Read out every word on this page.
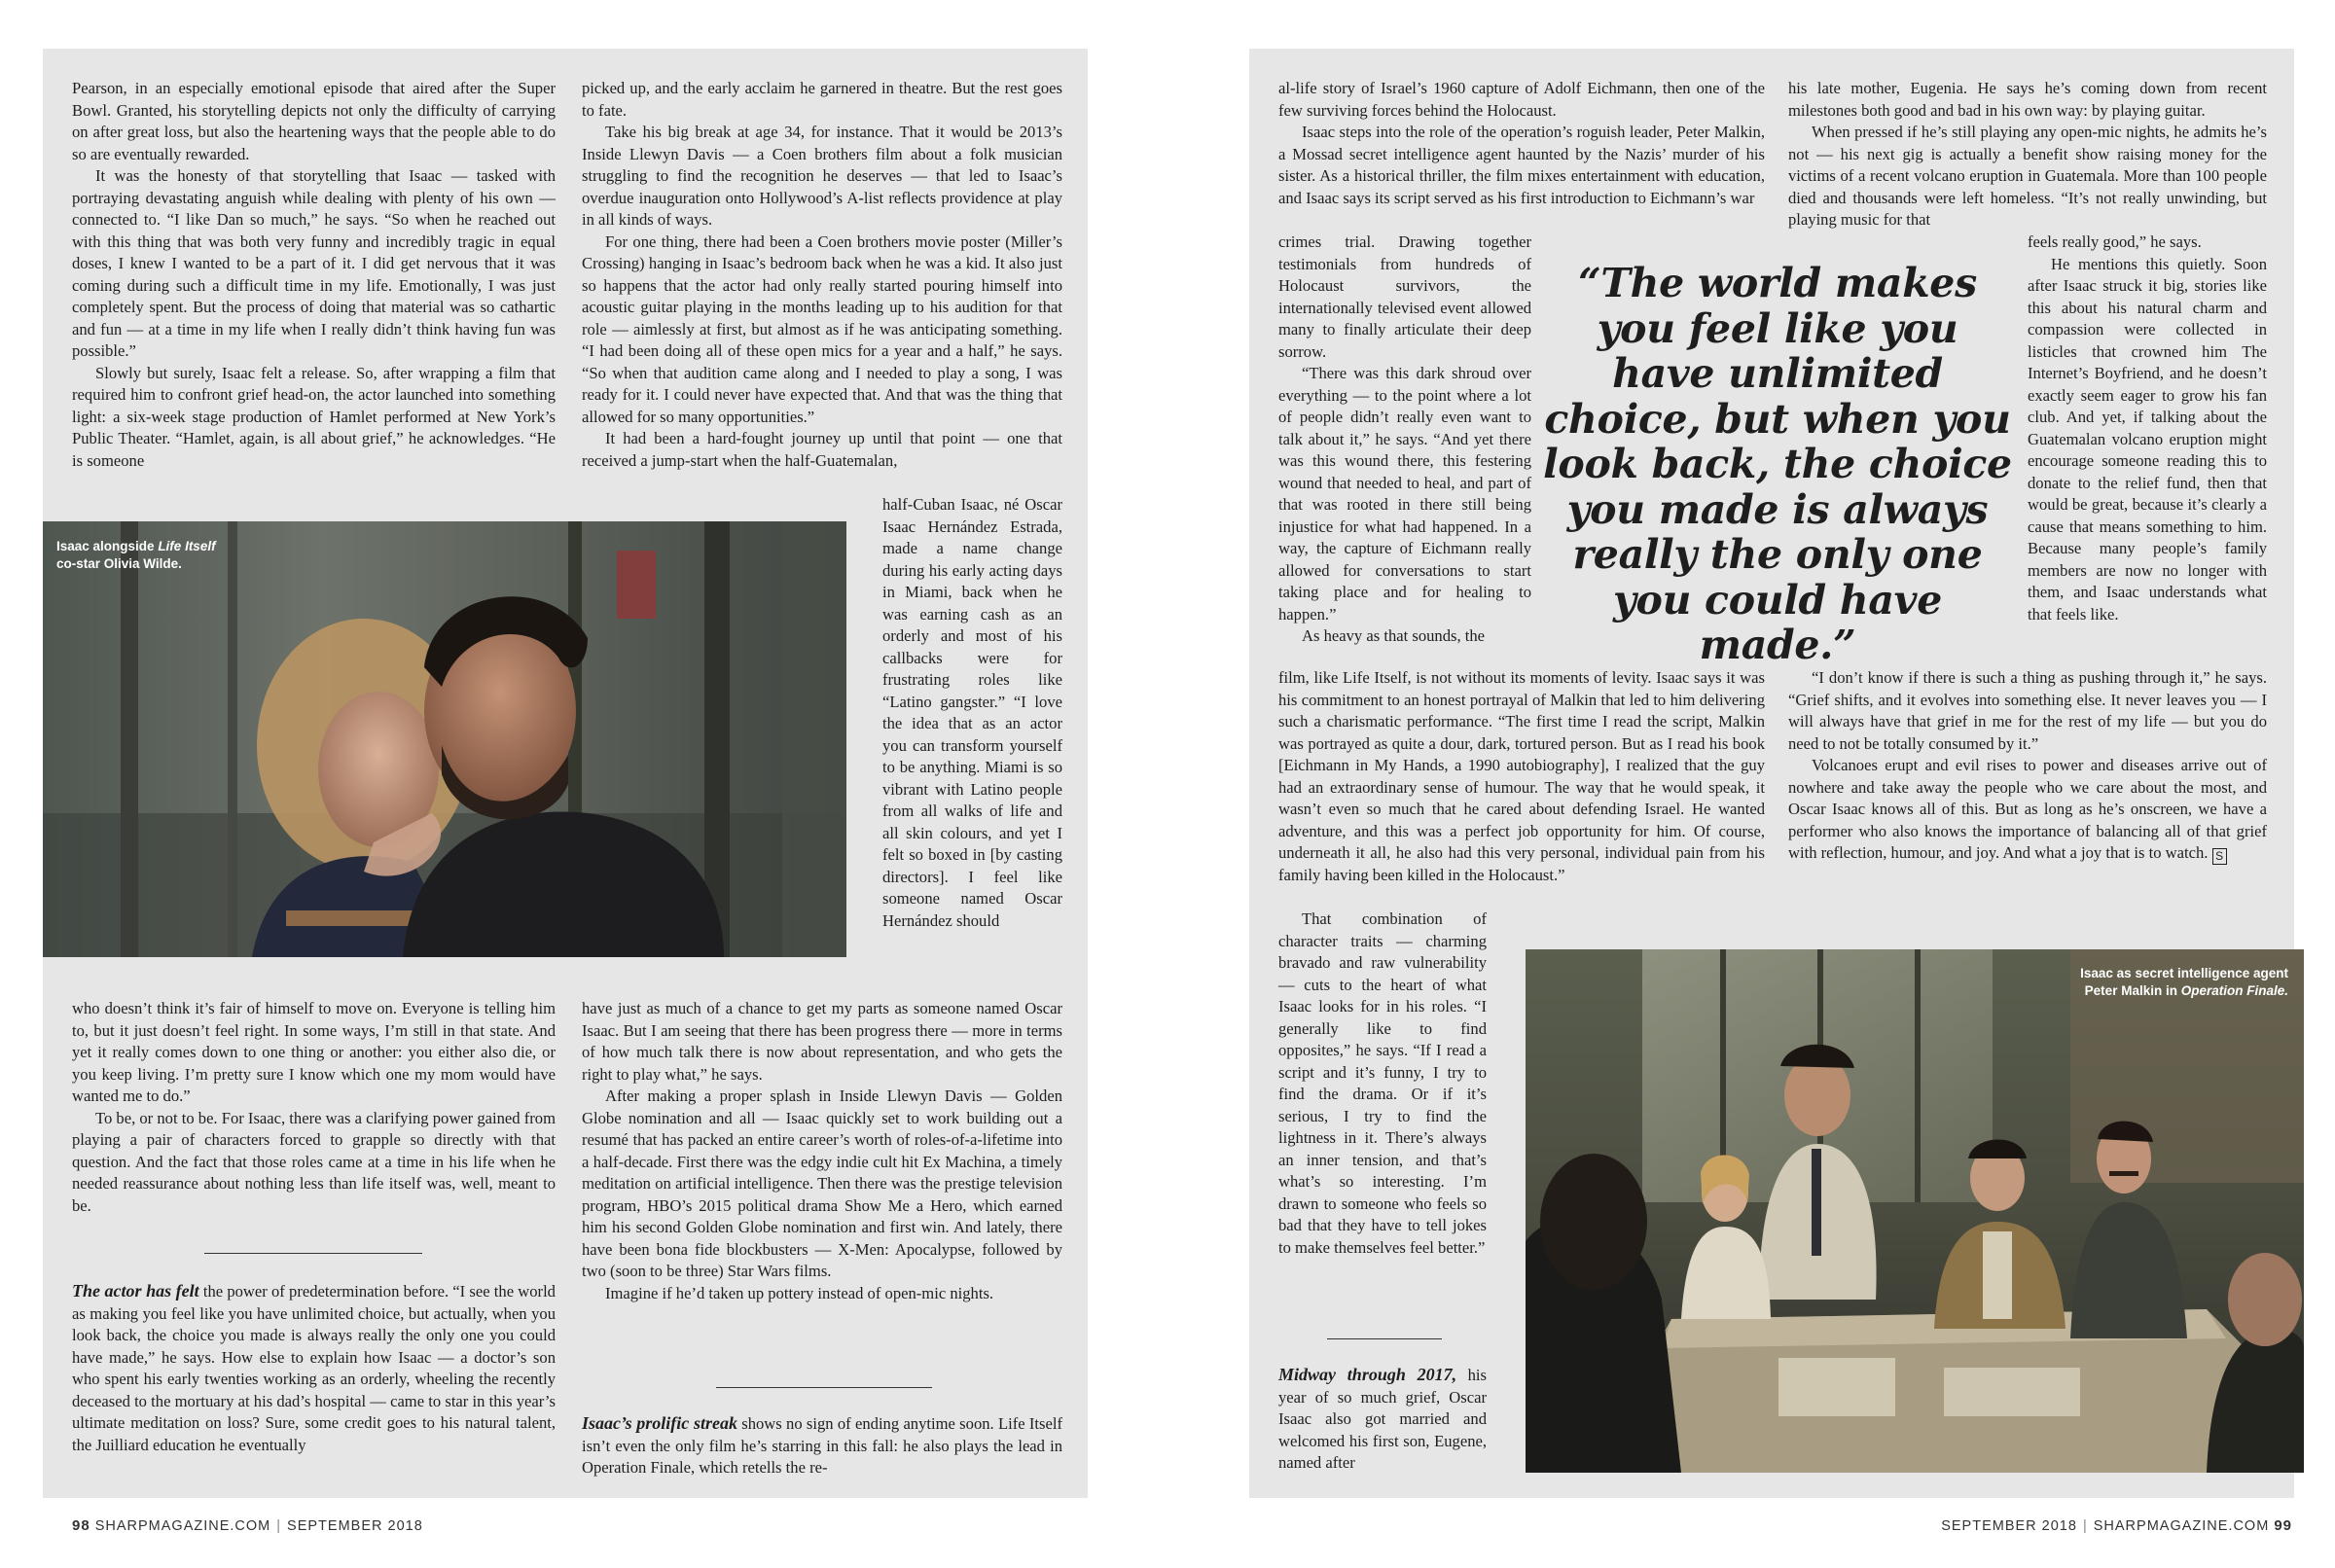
Pearson, in an especially emotional episode that aired after the Super Bowl. Granted, his storytelling depicts not only the difficulty of carrying on after great loss, but also the heartening ways that the people able to do so are eventually rewarded.

It was the honesty of that storytelling that Isaac — tasked with portraying devastating anguish while dealing with plenty of his own — connected to. “I like Dan so much,” he says. “So when he reached out with this thing that was both very funny and incredibly tragic in equal doses, I knew I wanted to be a part of it. I did get nervous that it was coming during such a difficult time in my life. Emotionally, I was just completely spent. But the process of doing that material was so cathartic and fun — at a time in my life when I really didn’t think having fun was possible.”

Slowly but surely, Isaac felt a release. So, after wrapping a film that required him to confront grief head-on, the actor launched into something light: a six-week stage production of Hamlet performed at New York’s Public Theater. “Hamlet, again, is all about grief,” he acknowledges. “He is someone

picked up, and the early acclaim he garnered in theatre. But the rest goes to fate.

Take his big break at age 34, for instance. That it would be 2013’s Inside Llewyn Davis — a Coen brothers film about a folk musician struggling to find the recognition he deserves — that led to Isaac’s overdue inauguration onto Hollywood’s A-list reflects providence at play in all kinds of ways.

For one thing, there had been a Coen brothers movie poster (Miller’s Crossing) hanging in Isaac’s bedroom back when he was a kid. It also just so happens that the actor had only really started pouring himself into acoustic guitar playing in the months leading up to his audition for that role — aimlessly at first, but almost as if he was anticipating something. “I had been doing all of these open mics for a year and a half,” he says. “So when that audition came along and I needed to play a song, I was ready for it. I could never have expected that. And that was the thing that allowed for so many opportunities.”

It had been a hard-fought journey up until that point — one that received a jump-start when the half-Guatemalan,

Isaac alongside Life Itself
co-star Olivia Wilde.

half-Cuban Isaac, né Oscar Isaac Hernández Estrada, made a name change during his early acting days in Miami, back when he was earning cash as an orderly and most of his callbacks were for frustrating roles like “Latino gangster.” “I love the idea that as an actor you can transform yourself to be anything. Miami is so vibrant with Latino people from all walks of life and all skin colours, and yet I felt so boxed in [by casting directors]. I feel like someone named Oscar Hernández should

who doesn’t think it’s fair of himself to move on. Everyone is telling him to, but it just doesn’t feel right. In some ways, I’m still in that state. And yet it really comes down to one thing or another: you either also die, or you keep living. I’m pretty sure I know which one my mom would have wanted me to do.”

To be, or not to be. For Isaac, there was a clarifying power gained from playing a pair of characters forced to grapple so directly with that question. And the fact that those roles came at a time in his life when he needed reassurance about nothing less than life itself was, well, meant to be.

The actor has felt the power of predetermination before. “I see the world as making you feel like you have unlimited choice, but actually, when you look back, the choice you made is always really the only one you could have made,” he says. How else to explain how Isaac — a doctor’s son who spent his early twenties working as an orderly, wheeling the recently deceased to the mortuary at his dad’s hospital — came to star in this year’s ultimate meditation on loss? Sure, some credit goes to his natural talent, the Juilliard education he eventually

have just as much of a chance to get my parts as someone named Oscar Isaac. But I am seeing that there has been progress there — more in terms of how much talk there is now about representation, and who gets the right to play what,” he says.

After making a proper splash in Inside Llewyn Davis — Golden Globe nomination and all — Isaac quickly set to work building out a resumé that has packed an entire career’s worth of roles-of-a-lifetime into a half-decade. First there was the edgy indie cult hit Ex Machina, a timely meditation on artificial intelligence. Then there was the prestige television program, HBO’s 2015 political drama Show Me a Hero, which earned him his second Golden Globe nomination and first win. And lately, there have been bona fide blockbusters — X-Men: Apocalypse, followed by two (soon to be three) Star Wars films.

Imagine if he’d taken up pottery instead of open-mic nights.

Isaac’s prolific streak shows no sign of ending anytime soon. Life Itself isn’t even the only film he’s starring in this fall: he also plays the lead in Operation Finale, which retells the re-

98 SHARPMAGAZINE.COM | SEPTEMBER 2018

al-life story of Israel’s 1960 capture of Adolf Eichmann, then one of the few surviving forces behind the Holocaust.

Isaac steps into the role of the operation’s roguish leader, Peter Malkin, a Mossad secret intelligence agent haunted by the Nazis’ murder of his sister. As a historical thriller, the film mixes entertainment with education, and Isaac says its script served as his first introduction to Eichmann’s war

crimes trial. Drawing together testimonials from hundreds of Holocaust survivors, the internationally televised event allowed many to finally articulate their deep sorrow.

“There was this dark shroud over everything — to the point where a lot of people didn’t really even want to talk about it,” he says. “And yet there was this wound there, this festering wound that needed to heal, and part of that was rooted in there still being injustice for what had happened. In a way, the capture of Eichmann really allowed for conversations to start taking place and for healing to happen.”

As heavy as that sounds, the

“The world makes you feel like you have unlimited choice, but when you look back, the choice you made is always really the only one you could have made.”

film, like Life Itself, is not without its moments of levity. Isaac says it was his commitment to an honest portrayal of Malkin that led to him delivering such a charismatic performance. “The first time I read the script, Malkin was portrayed as quite a dour, dark, tortured person. But as I read his book [Eichmann in My Hands, a 1990 autobiography], I realized that the guy had an extraordinary sense of humour. The way that he would speak, it wasn’t even so much that he cared about defending Israel. He wanted adventure, and this was a perfect job opportunity for him. Of course, underneath it all, he also had this very personal, individual pain from his family having been killed in the Holocaust.”

That combination of character traits — charming bravado and raw vulnerability — cuts to the heart of what Isaac looks for in his roles. “I generally like to find opposites,” he says. “If I read a script and it’s funny, I try to find the drama. Or if it’s serious, I try to find the lightness in it. There’s always an inner tension, and that’s what’s so interesting. I’m drawn to someone who feels so bad that they have to tell jokes to make themselves feel better.”

Midway through 2017, his year of so much grief, Oscar Isaac also got married and welcomed his first son, Eugene, named after

his late mother, Eugenia. He says he’s coming down from recent milestones both good and bad in his own way: by playing guitar.

When pressed if he’s still playing any open-mic nights, he admits he’s not — his next gig is actually a benefit show raising money for the victims of a recent volcano eruption in Guatemala. More than 100 people died and thousands were left homeless. “It’s not really unwinding, but playing music for that

feels really good,” he says.

He mentions this quietly. Soon after Isaac struck it big, stories like this about his natural charm and compassion were collected in listicles that crowned him The Internet’s Boyfriend, and he doesn’t exactly seem eager to grow his fan club. And yet, if talking about the Guatemalan volcano eruption might encourage someone reading this to donate to the relief fund, then that would be great, because it’s clearly a cause that means something to him. Because many people’s family members are now no longer with them, and Isaac understands what that feels like.

“I don’t know if there is such a thing as pushing through it,” he says. “Grief shifts, and it evolves into something else. It never leaves you — I will always have that grief in me for the rest of my life — but you do need to not be totally consumed by it.”

Volcanoes erupt and evil rises to power and diseases arrive out of nowhere and take away the people who we care about the most, and Oscar Isaac knows all of this. But as long as he’s onscreen, we have a performer who also knows the importance of balancing all of that grief with reflection, humour, and joy. And what a joy that is to watch. S

Isaac as secret intelligence agent
Peter Malkin in Operation Finale.
SEPTEMBER 2018 | SHARPMAGAZINE.COM 99
